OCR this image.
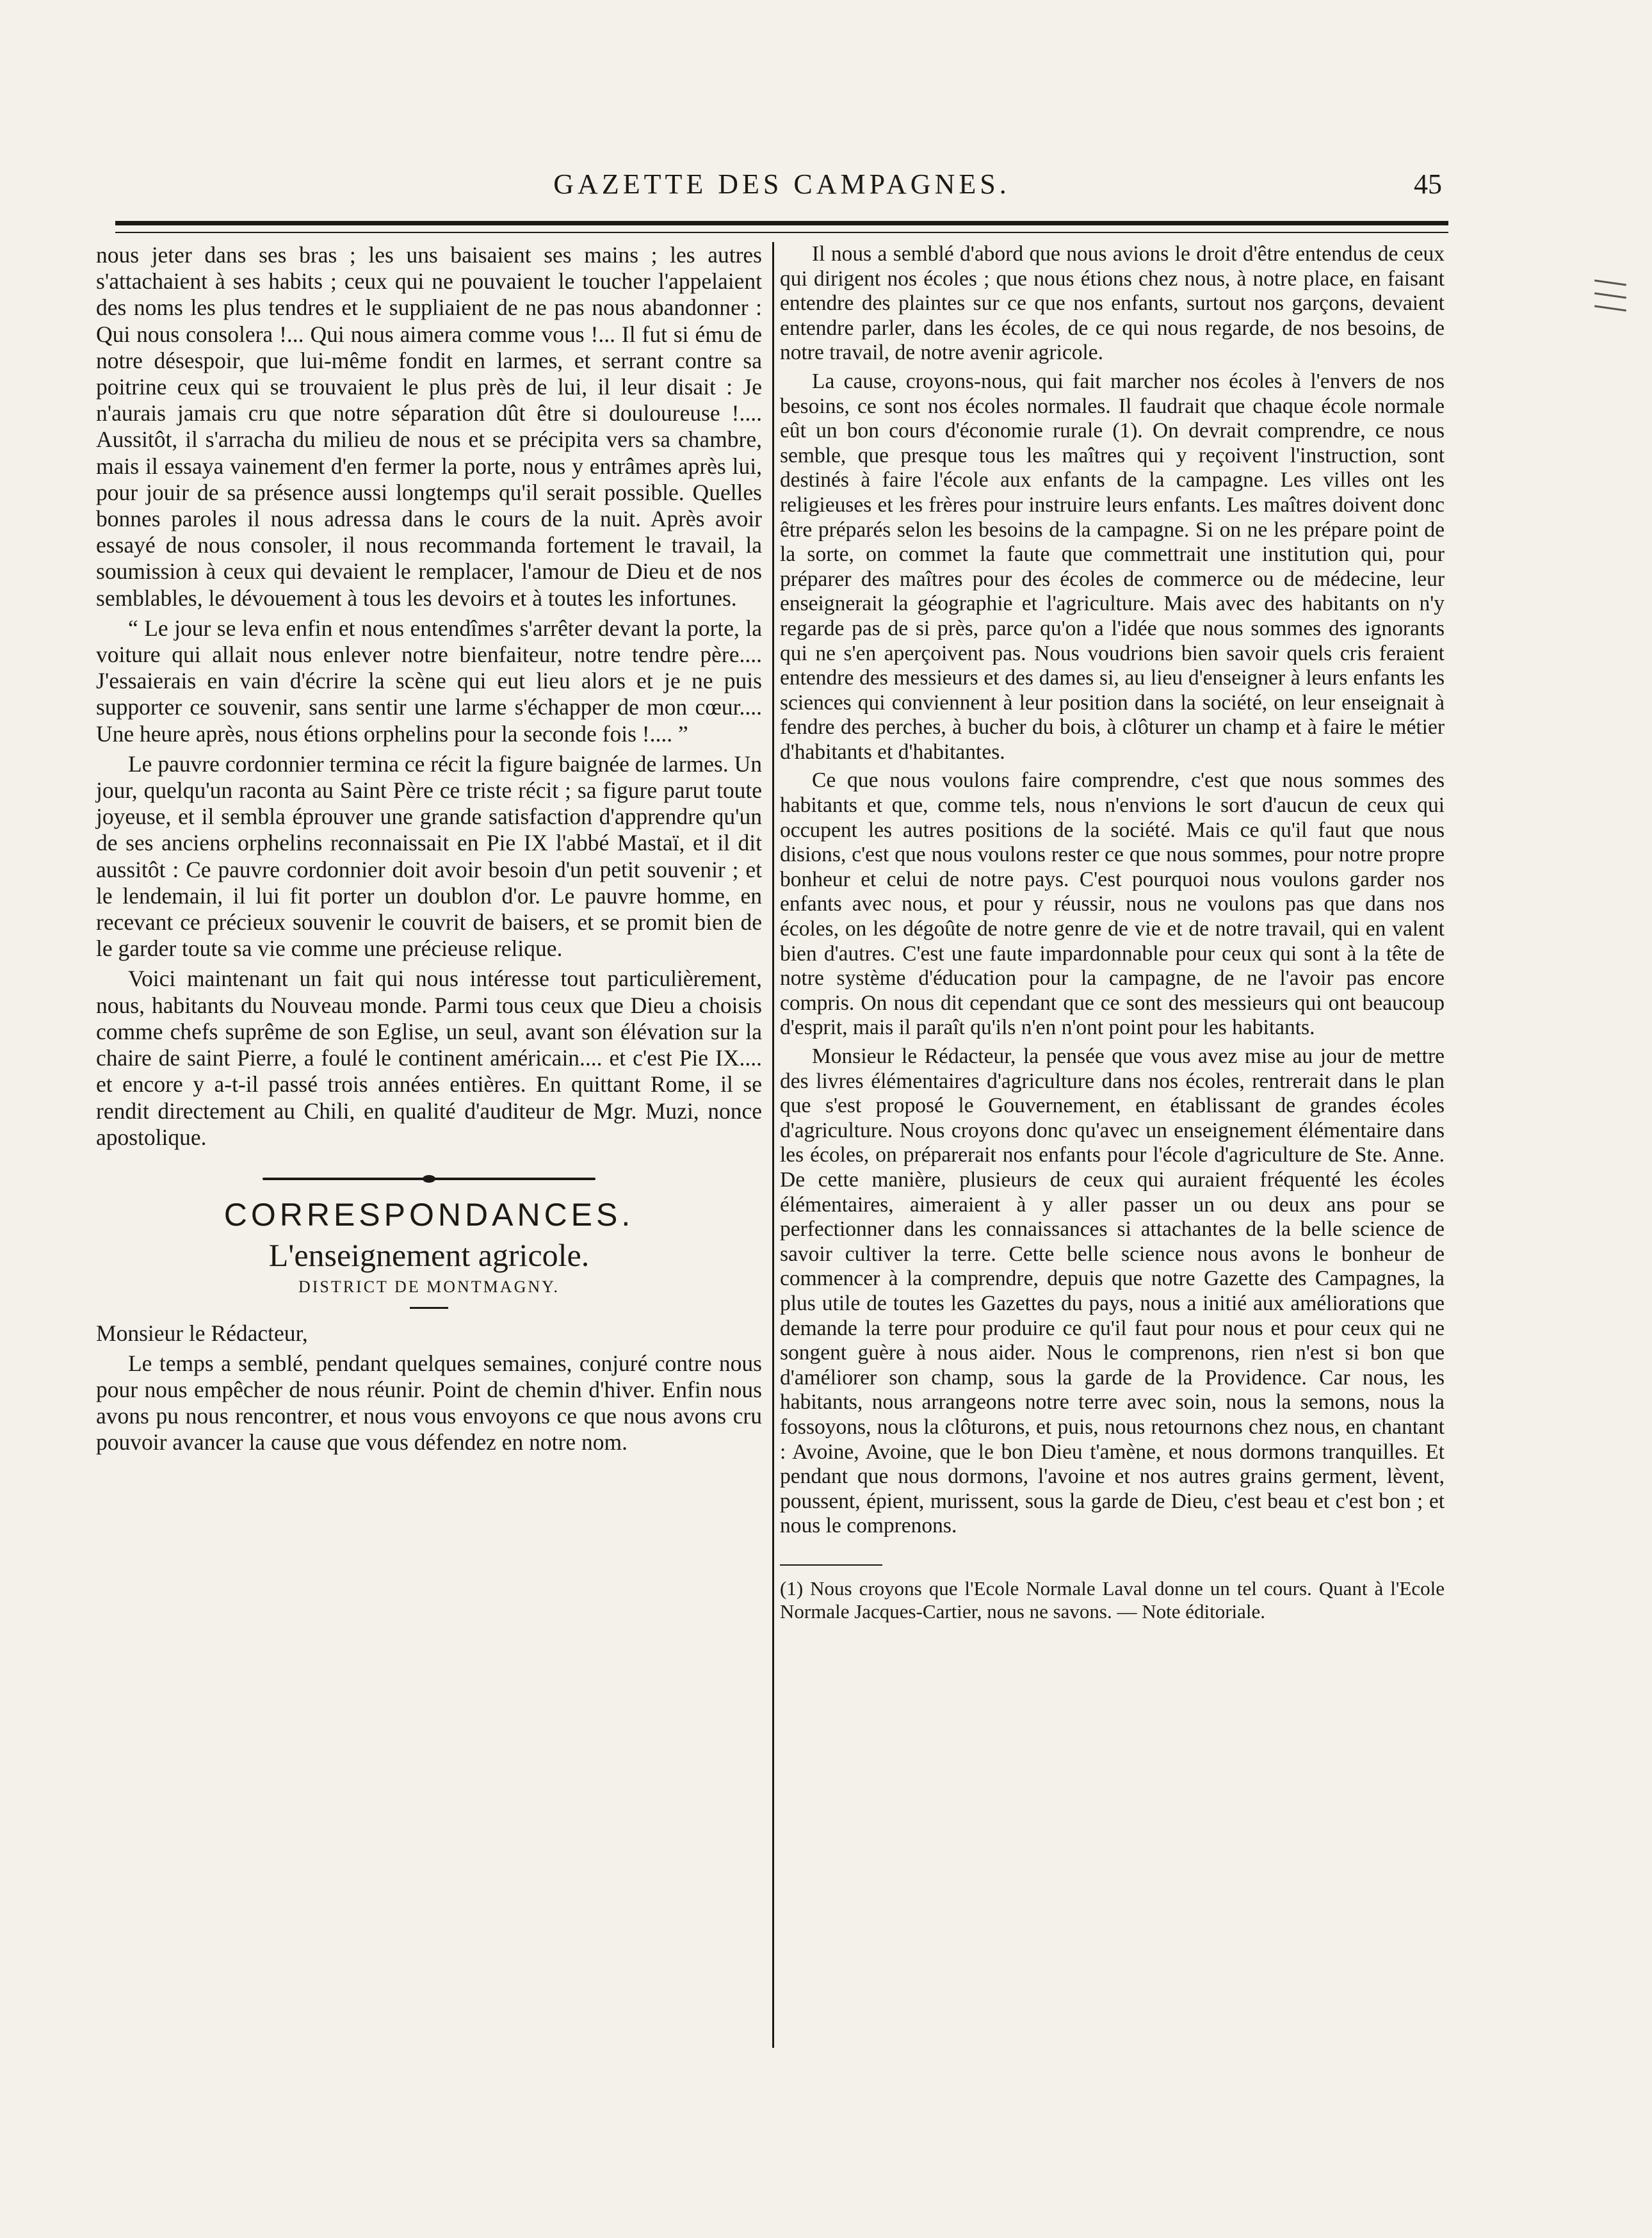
GAZETTE DES CAMPAGNES.	45

nous jeter dans ses bras ; les uns baisaient ses mains ; les autres s'attachaient à ses habits ; ceux qui ne pouvaient le toucher l'appelaient des noms les plus tendres et le suppliaient de ne pas nous abandonner : Qui nous consolera !... Qui nous aimera comme vous !... Il fut si ému de notre désespoir, que lui-même fondit en larmes, et serrant contre sa poitrine ceux qui se trouvaient le plus près de lui, il leur disait : Je n'aurais jamais cru que notre séparation dût être si douloureuse !.... Aussitôt, il s'arracha du milieu de nous et se précipita vers sa chambre, mais il essaya vainement d'en fermer la porte, nous y entrâmes après lui, pour jouir de sa présence aussi longtemps qu'il serait possible. Quelles bonnes paroles il nous adressa dans le cours de la nuit. Après avoir essayé de nous consoler, il nous recommanda fortement le travail, la soumission à ceux qui devaient le remplacer, l'amour de Dieu et de nos semblables, le dévouement à tous les devoirs et à toutes les infortunes.

“ Le jour se leva enfin et nous entendîmes s'arrêter devant la porte, la voiture qui allait nous enlever notre bienfaiteur, notre tendre père.... J'essaierais en vain d'écrire la scène qui eut lieu alors et je ne puis supporter ce souvenir, sans sentir une larme s'échapper de mon cœur.... Une heure après, nous étions orphelins pour la seconde fois !.... ”

Le pauvre cordonnier termina ce récit la figure baignée de larmes. Un jour, quelqu'un raconta au Saint Père ce triste récit ; sa figure parut toute joyeuse, et il sembla éprouver une grande satisfaction d'apprendre qu'un de ses anciens orphelins reconnaissait en Pie IX l'abbé Mastaï, et il dit aussitôt : Ce pauvre cordonnier doit avoir besoin d'un petit souvenir ; et le lendemain, il lui fit porter un doublon d'or. Le pauvre homme, en recevant ce précieux souvenir le couvrit de baisers, et se promit bien de le garder toute sa vie comme une précieuse relique.

Voici maintenant un fait qui nous intéresse tout particulièrement, nous, habitants du Nouveau monde. Parmi tous ceux que Dieu a choisis comme chefs suprême de son Eglise, un seul, avant son élévation sur la chaire de saint Pierre, a foulé le continent américain.... et c'est Pie IX.... et encore y a-t-il passé trois années entières. En quittant Rome, il se rendit directement au Chili, en qualité d'auditeur de Mgr. Muzi, nonce apostolique.

CORRESPONDANCES.
L'enseignement agricole.
DISTRICT DE MONTMAGNY.

Monsieur le Rédacteur,

Le temps a semblé, pendant quelques semaines, conjuré contre nous pour nous empêcher de nous réunir. Point de chemin d'hiver. Enfin nous avons pu nous rencontrer, et nous vous envoyons ce que nous avons cru pouvoir avancer la cause que vous défendez en notre nom.

Il nous a semblé d'abord que nous avions le droit d'être entendus de ceux qui dirigent nos écoles ; que nous étions chez nous, à notre place, en faisant entendre des plaintes sur ce que nos enfants, surtout nos garçons, devaient entendre parler, dans les écoles, de ce qui nous regarde, de nos besoins, de notre travail, de notre avenir agricole.

La cause, croyons-nous, qui fait marcher nos écoles à l'envers de nos besoins, ce sont nos écoles normales. Il faudrait que chaque école normale eût un bon cours d'économie rurale (1). On devrait comprendre, ce nous semble, que presque tous les maîtres qui y reçoivent l'instruction, sont destinés à faire l'école aux enfants de la campagne. Les villes ont les religieuses et les frères pour instruire leurs enfants. Les maîtres doivent donc être préparés selon les besoins de la campagne. Si on ne les prépare point de la sorte, on commet la faute que commettrait une institution qui, pour préparer des maîtres pour des écoles de commerce ou de médecine, leur enseignerait la géographie et l'agriculture. Mais avec des habitants on n'y regarde pas de si près, parce qu'on a l'idée que nous sommes des ignorants qui ne s'en aperçoivent pas. Nous voudrions bien savoir quels cris feraient entendre des messieurs et des dames si, au lieu d'enseigner à leurs enfants les sciences qui conviennent à leur position dans la société, on leur enseignait à fendre des perches, à bucher du bois, à clôturer un champ et à faire le métier d'habitants et d'habitantes.

Ce que nous voulons faire comprendre, c'est que nous sommes des habitants et que, comme tels, nous n'envions le sort d'aucun de ceux qui occupent les autres positions de la société. Mais ce qu'il faut que nous disions, c'est que nous voulons rester ce que nous sommes, pour notre propre bonheur et celui de notre pays. C'est pourquoi nous voulons garder nos enfants avec nous, et pour y réussir, nous ne voulons pas que dans nos écoles, on les dégoûte de notre genre de vie et de notre travail, qui en valent bien d'autres. C'est une faute impardonnable pour ceux qui sont à la tête de notre système d'éducation pour la campagne, de ne l'avoir pas encore compris. On nous dit cependant que ce sont des messieurs qui ont beaucoup d'esprit, mais il paraît qu'ils n'en n'ont point pour les habitants.

Monsieur le Rédacteur, la pensée que vous avez mise au jour de mettre des livres élémentaires d'agriculture dans nos écoles, rentrerait dans le plan que s'est proposé le Gouvernement, en établissant de grandes écoles d'agriculture. Nous croyons donc qu'avec un enseignement élémentaire dans les écoles, on préparerait nos enfants pour l'école d'agriculture de Ste. Anne. De cette manière, plusieurs de ceux qui auraient fréquenté les écoles élémentaires, aimeraient à y aller passer un ou deux ans pour se perfectionner dans les connaissances si attachantes de la belle science de savoir cultiver la terre. Cette belle science nous avons le bonheur de commencer à la comprendre, depuis que notre Gazette des Campagnes, la plus utile de toutes les Gazettes du pays, nous a initié aux améliorations que demande la terre pour produire ce qu'il faut pour nous et pour ceux qui ne songent guère à nous aider. Nous le comprenons, rien n'est si bon que d'améliorer son champ, sous la garde de la Providence. Car nous, les habitants, nous arrangeons notre terre avec soin, nous la semons, nous la fossoyons, nous la clôturons, et puis, nous retournons chez nous, en chantant : Avoine, Avoine, que le bon Dieu t'amène, et nous dormons tranquilles. Et pendant que nous dormons, l'avoine et nos autres grains germent, lèvent, poussent, épient, murissent, sous la garde de Dieu, c'est beau et c'est bon ; et nous le comprenons.

(1) Nous croyons que l'Ecole Normale Laval donne un tel cours. Quant à l'Ecole Normale Jacques-Cartier, nous ne savons. — Note éditoriale.
